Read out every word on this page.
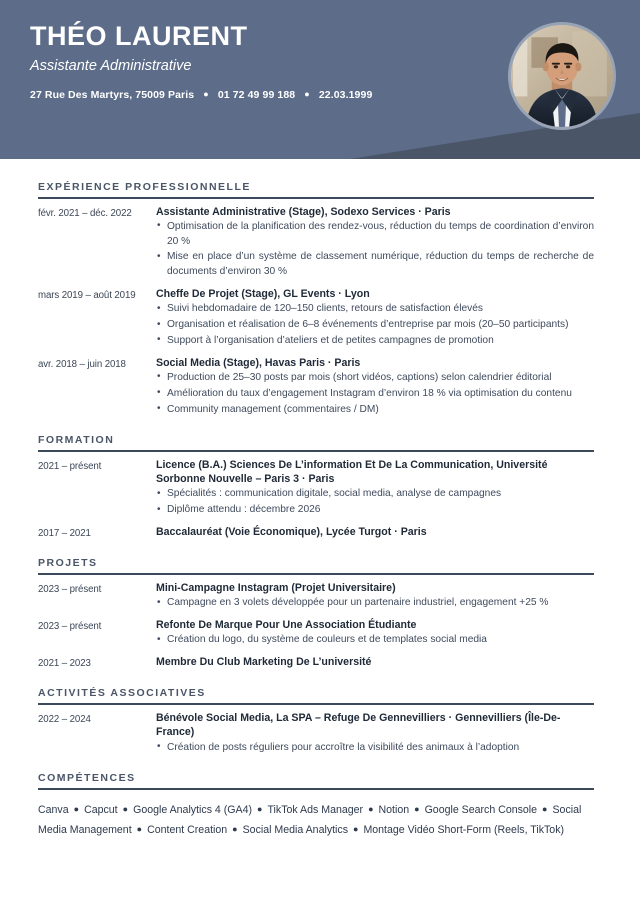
THÉO LAURENT
Assistante Administrative
27 Rue Des Martyrs, 75009 Paris ● 01 72 49 99 188 ● 22.03.1999
EXPÉRIENCE PROFESSIONNELLE
févr. 2021 – déc. 2022	Assistante Administrative (Stage), Sodexo Services · Paris
• Optimisation de la planification des rendez-vous, réduction du temps de coordination d’environ 20 %
• Mise en place d’un système de classement numérique, réduction du temps de recherche de documents d’environ 30 %
mars 2019 – août 2019	Cheffe De Projet (Stage), GL Events · Lyon
• Suivi hebdomadaire de 120–150 clients, retours de satisfaction élevés
• Organisation et réalisation de 6–8 événements d’entreprise par mois (20–50 participants)
• Support à l’organisation d’ateliers et de petites campagnes de promotion
avr. 2018 – juin 2018	Social Media (Stage), Havas Paris · Paris
• Production de 25–30 posts par mois (short vidéos, captions) selon calendrier éditorial
• Amélioration du taux d’engagement Instagram d’environ 18 % via optimisation du contenu
• Community management (commentaires / DM)
FORMATION
2021 – présent	Licence (B.A.) Sciences De L’information Et De La Communication, Université Sorbonne Nouvelle – Paris 3 · Paris
• Spécialités : communication digitale, social media, analyse de campagnes
• Diplôme attendu : décembre 2026
2017 – 2021	Baccalauréat (Voie Économique), Lycée Turgot · Paris
PROJETS
2023 – présent	Mini-Campagne Instagram (Projet Universitaire)
• Campagne en 3 volets développée pour un partenaire industriel, engagement +25 %
2023 – présent	Refonte De Marque Pour Une Association Étudiante
• Création du logo, du système de couleurs et de templates social media
2021 – 2023	Membre Du Club Marketing De L’université
ACTIVITÉS ASSOCIATIVES
2022 – 2024	Bénévole Social Media, La SPA – Refuge De Gennevilliers · Gennevilliers (Île-De-France)
• Création de posts réguliers pour accroître la visibilité des animaux à l’adoption
COMPÉTENCES
Canva ● Capcut ● Google Analytics 4 (GA4) ● TikTok Ads Manager ● Notion ● Google Search Console ● Social Media Management ● Content Creation ● Social Media Analytics ● Montage Vidéo Short-Form (Reels, TikTok)
